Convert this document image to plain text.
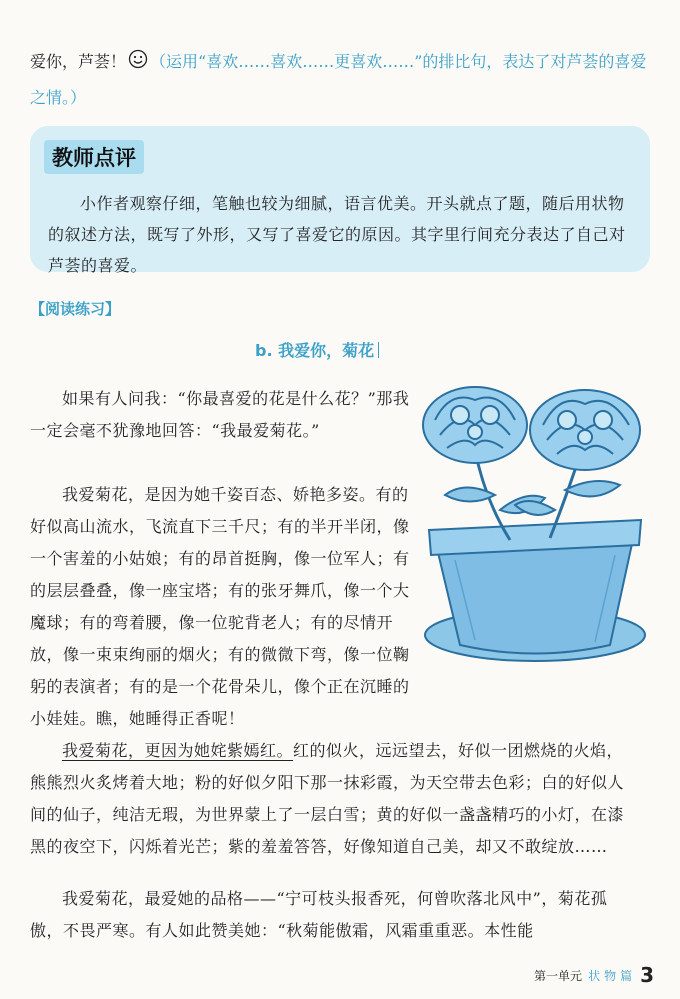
爱你，芦荟！ （运用“喜欢……喜欢……更喜欢……”的排比句，表达了对芦荟的喜爱之情。）
教师点评

小作者观察仔细，笔触也较为细腻，语言优美。开头就点了题，随后用状物的叙述方法，既写了外形，又写了喜爱它的原因。其字里行间充分表达了自己对芦荟的喜爱。

【阅读练习】
b. 我爱你，菊花

如果有人问我：“你最喜爱的花是什么花？”那我一定会毫不犹豫地回答：“我最爱菊花。”

我爱菊花，是因为她千姿百态、娇艳多姿。有的好似高山流水，飞流直下三千尺；有的半开半闭，像一个害羞的小姑娘；有的昂首挺胸，像一位军人；有的层层叠叠，像一座宝塔；有的张牙舞爪，像一个大魔球；有的弯着腰，像一位驼背老人；有的尽情开放，像一束束绚丽的烟火；有的微微下弯，像一位鞠躬的表演者；有的是一个花骨朵儿，像个正在沉睡的小娃娃。瞧，她睡得正香呢！

我爱菊花，更因为她姹紫嫣红。红的似火，远远望去，好似一团燃烧的火焰，熊熊烈火炙烤着大地；粉的好似夕阳下那一抹彩霞，为天空带去色彩；白的好似人间的仙子，纯洁无瑕，为世界蒙上了一层白雪；黄的好似一盏盏精巧的小灯，在漆黑的夜空下，闪烁着光芒；紫的羞羞答答，好像知道自己美，却又不敢绽放……

我爱菊花，最爱她的品格——“宁可枝头报香死，何曾吹落北风中”，菊花孤傲，不畏严寒。有人如此赞美她：“秋菊能傲霜，风霜重重恶。本性能

第一单元 状物篇 3
